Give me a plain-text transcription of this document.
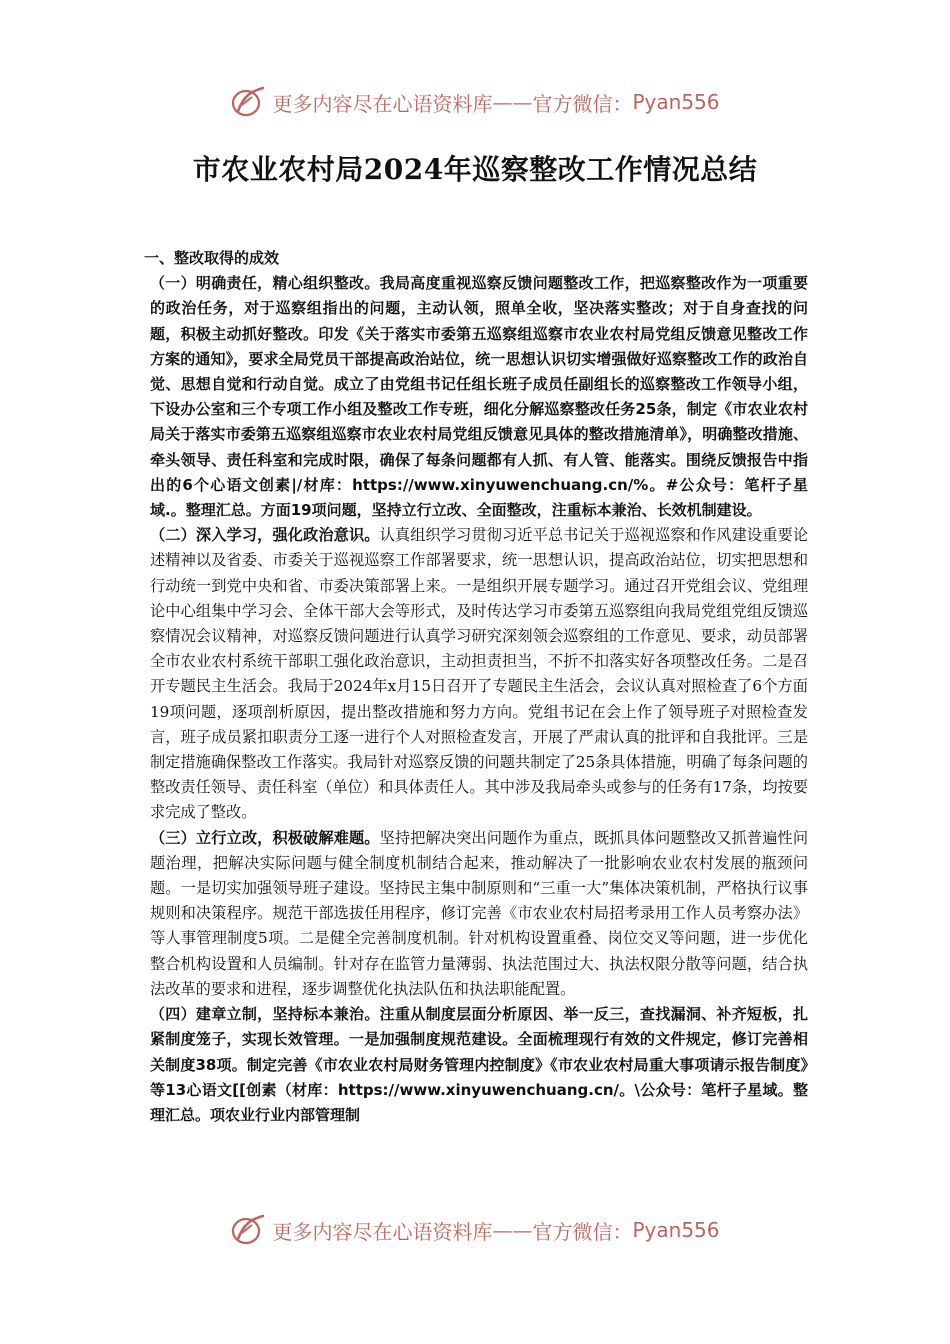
更多内容尽在心语资料库 —— 官方微信： Pyan556
市农业农村局2024年巡察整改工作情况总结

一、整改取得的成效

（一）明确责任，精心组织整改。我局高度重视巡察反馈问题整改工作，把巡察整改作为一项重要的政治任务，对于巡察组指出的问题，主动认领，照单全收，坚决落实整改；对于自身查找的问题，积极主动抓好整改。印发《关于落实市委第五巡察组巡察市农业农村局党组反馈意见整改工作方案的通知》，要求全局党员干部提高政治站位，统一思想认识切实增强做好巡察整改工作的政治自觉、思想自觉和行动自觉。成立了由党组书记任组长班子成员任副组长的巡察整改工作领导小组，下设办公室和三个专项工作小组及整改工作专班，细化分解巡察整改任务25条，制定《市农业农村局关于落实市委第五巡察组巡察市农业农村局党组反馈意见具体的整改措施清单》，明确整改措施、牵头领导、责任科室和完成时限，确保了每条问题都有人抓、有人管、能落实。围绕反馈报告中指出的6个心语文创素|/材库：https://www.xinyuwenchuang.cn/%。#公众号：笔杆子星域.。整理汇总。方面19项问题，坚持立行立改、全面整改，注重标本兼治、长效机制建设。

（二）深入学习，强化政治意识。认真组织学习贯彻习近平总书记关于巡视巡察和作风建设重要论述精神以及省委、市委关于巡视巡察工作部署要求，统一思想认识，提高政治站位，切实把思想和行动统一到党中央和省、市委决策部署上来。一是组织开展专题学习。通过召开党组会议、党组理论中心组集中学习会、全体干部大会等形式，及时传达学习市委第五巡察组向我局党组党组反馈巡察情况会议精神，对巡察反馈问题进行认真学习研究深刻领会巡察组的工作意见、要求，动员部署全市农业农村系统干部职工强化政治意识，主动担责担当，不折不扣落实好各项整改任务。二是召开专题民主生活会。我局于2024年x月15日召开了专题民主生活会，会议认真对照检查了6个方面19项问题，逐项剖析原因，提出整改措施和努力方向。党组书记在会上作了领导班子对照检查发言，班子成员紧扣职责分工逐一进行个人对照检查发言，开展了严肃认真的批评和自我批评。三是制定措施确保整改工作落实。我局针对巡察反馈的问题共制定了25条具体措施，明确了每条问题的整改责任领导、责任科室（单位）和具体责任人。其中涉及我局牵头或参与的任务有17条，均按要求完成了整改。

（三）立行立改，积极破解难题。坚持把解决突出问题作为重点，既抓具体问题整改又抓普遍性问题治理，把解决实际问题与健全制度机制结合起来，推动解决了一批影响农业农村发展的瓶颈问题。一是切实加强领导班子建设。坚持民主集中制原则和“三重一大”集体决策机制，严格执行议事规则和决策程序。规范干部选拔任用程序，修订完善《市农业农村局招考录用工作人员考察办法》等人事管理制度5项。二是健全完善制度机制。针对机构设置重叠、岗位交叉等问题，进一步优化整合机构设置和人员编制。针对存在监管力量薄弱、执法范围过大、执法权限分散等问题，结合执法改革的要求和进程，逐步调整优化执法队伍和执法职能配置。

（四）建章立制，坚持标本兼治。注重从制度层面分析原因、举一反三，查找漏洞、补齐短板，扎紧制度笼子，实现长效管理。一是加强制度规范建设。全面梳理现行有效的文件规定，修订完善相关制度38项。制定完善《市农业农村局财务管理内控制度》《市农业农村局重大事项请示报告制度》等13心语文[[创素（材库：https://www.xinyuwenchuang.cn/。\公众号：笔杆子星域。整理汇总。项农业行业内部管理制

更多内容尽在心语资料库 —— 官方微信： Pyan556
